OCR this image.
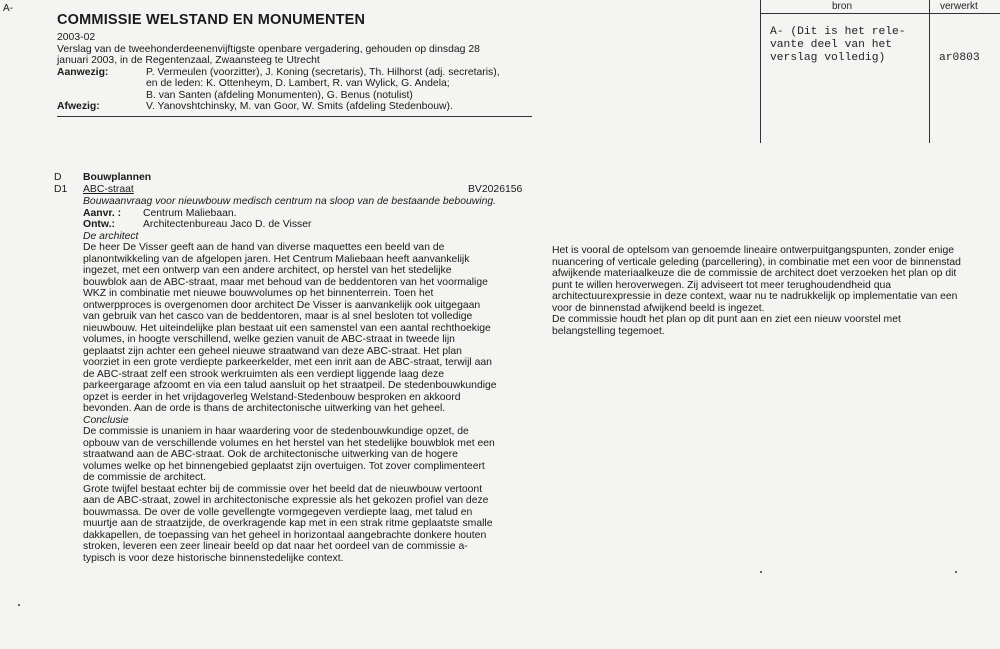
A-
COMMISSIE WELSTAND EN MONUMENTEN
2003-02
Verslag van de tweehonderdeenenvijftigste openbare vergadering, gehouden op dinsdag 28
januari 2003, in de Regentenzaal, Zwaansteeg te Utrecht
Aanwezig:	P. Vermeulen (voorzitter), J. Koning (secretaris), Th. Hilhorst (adj. secretaris),
en de leden: K. Ottenheym, D. Lambert, R. van Wylick, G. Andela;
B. van Santen (afdeling Monumenten), G. Benus (notulist)
Afwezig:	V. Yanovshtchinsky, M. van Goor, W. Smits (afdeling Stedenbouw).
bron	verwerkt
A- (Dit is het rele-
vante deel van het
verslag volledig)	ar0803
D	Bouwplannen
D1	ABC-straat	BV2026156
Bouwaanvraag voor nieuwbouw medisch centrum na sloop van de bestaande bebouwing.
Aanvr. :	Centrum Maliebaan.
Ontw.:	Architectenbureau Jaco D. de Visser
De architect
De heer De Visser geeft aan de hand van diverse maquettes een beeld van de
planontwikkeling van de afgelopen jaren. Het Centrum Maliebaan heeft aanvankelijk
ingezet, met een ontwerp van een andere architect, op herstel van het stedelijke
bouwblok aan de ABC-straat, maar met behoud van de beddentoren van het voormalige
WKZ in combinatie met nieuwe bouwvolumes op het binnenterrein. Toen het
ontwerpproces is overgenomen door architect De Visser is aanvankelijk ook uitgegaan
van gebruik van het casco van de beddentoren, maar is al snel besloten tot volledige
nieuwbouw. Het uiteindelijke plan bestaat uit een samenstel van een aantal rechthoekige
volumes, in hoogte verschillend, welke gezien vanuit de ABC-straat in tweede lijn
geplaatst zijn achter een geheel nieuwe straatwand van deze ABC-straat. Het plan
voorziet in een grote verdiepte parkeerkelder, met een inrit aan de ABC-straat, terwijl aan
de ABC-straat zelf een strook werkruimten als een verdiept liggende laag deze
parkeergarage afzoomt en via een talud aansluit op het straatpeil. De stedenbouwkundige
opzet is eerder in het vrijdagoverleg Welstand-Stedenbouw besproken en akkoord
bevonden. Aan de orde is thans de architectonische uitwerking van het geheel.
Conclusie
De commissie is unaniem in haar waardering voor de stedenbouwkundige opzet, de
opbouw van de verschillende volumes en het herstel van het stedelijke bouwblok met een
straatwand aan de ABC-straat. Ook de architectonische uitwerking van de hogere
volumes welke op het binnengebied geplaatst zijn overtuigen. Tot zover complimenteert
de commissie de architect.
Grote twijfel bestaat echter bij de commissie over het beeld dat de nieuwbouw vertoont
aan de ABC-straat, zowel in architectonische expressie als het gekozen profiel van deze
bouwmassa. De over de volle gevellengte vormgegeven verdiepte laag, met talud en
muurtje aan de straatzijde, de overkragende kap met in een strak ritme geplaatste smalle
dakkapellen, de toepassing van het geheel in horizontaal aangebrachte donkere houten
stroken, leveren een zeer lineair beeld op dat naar het oordeel van de commissie a-
typisch is voor deze historische binnenstedelijke context.
Het is vooral de optelsom van genoemde lineaire ontwerpuitgangspunten, zonder enige
nuancering of verticale geleding (parcellering), in combinatie met een voor de binnenstad
afwijkende materiaalkeuze die de commissie de architect doet verzoeken het plan op dit
punt te willen heroverwegen. Zij adviseert tot meer terughoudendheid qua
architectuurexpressie in deze context, waar nu te nadrukkelijk op implementatie van een
voor de binnenstad afwijkend beeld is ingezet.
De commissie houdt het plan op dit punt aan en ziet een nieuw voorstel met
belangstelling tegemoet.
